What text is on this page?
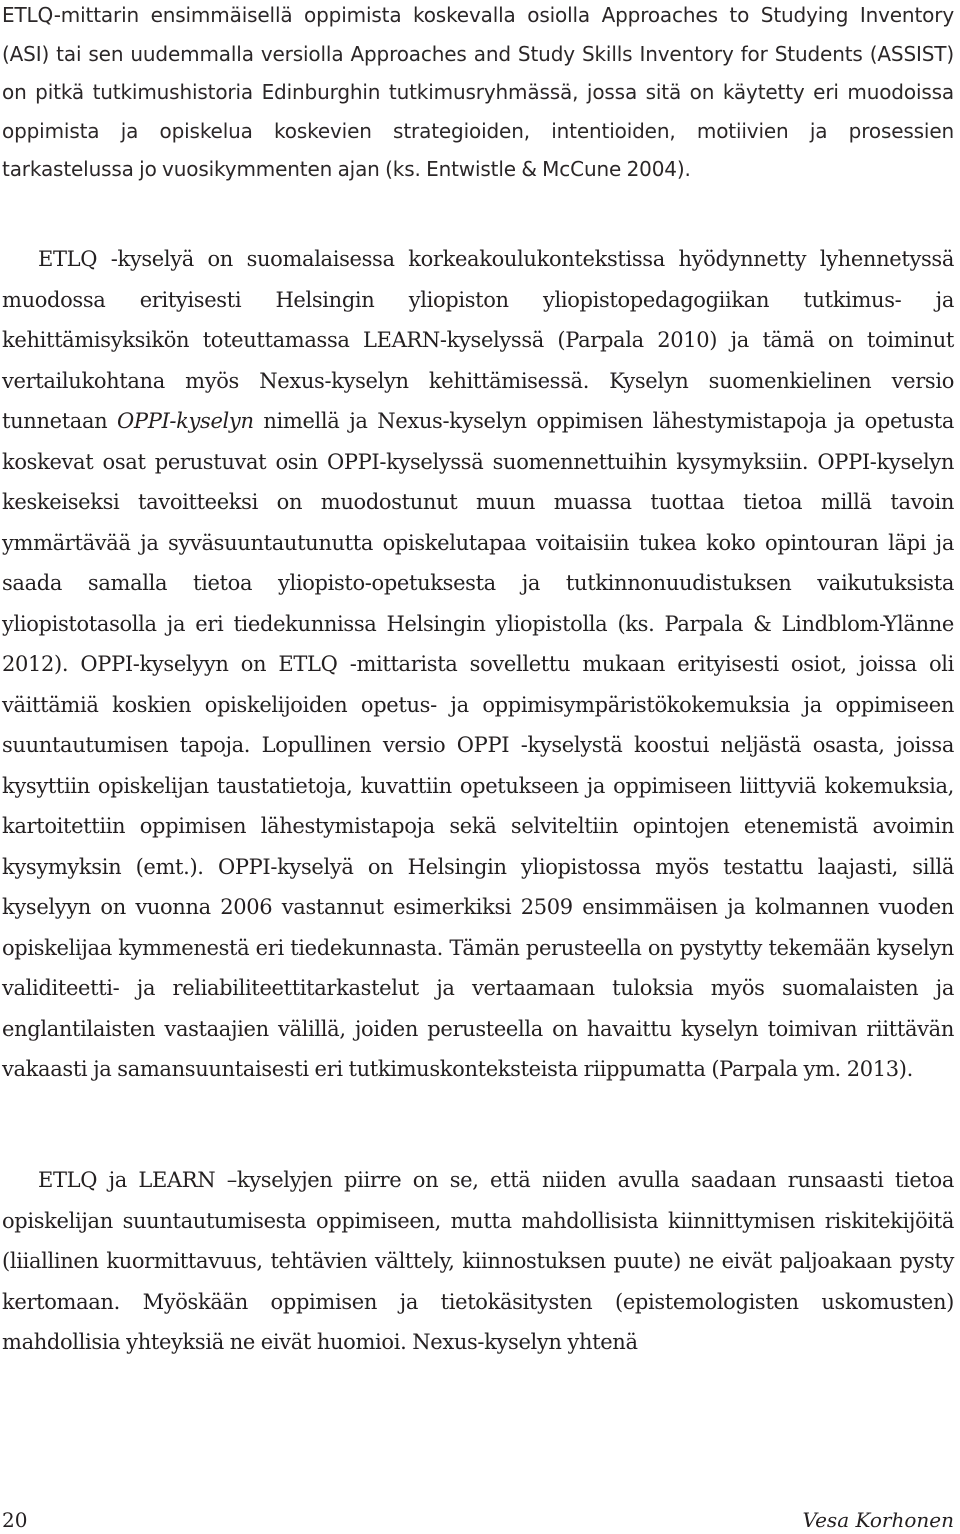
ETLQ-mittarin ensimmäisellä oppimista koskevalla osiolla Approaches to Studying Inventory (ASI) tai sen uudemmalla versiolla Approaches and Study Skills Inventory for Students (ASSIST) on pitkä tutkimushistoria Edinburghin tutkimusryhmässä, jossa sitä on käytetty eri muodoissa oppimista ja opiskelua koskevien strategioiden, intentioiden, motiivien ja prosessien tarkastelussa jo vuosikymmenten ajan (ks. Entwistle & McCune 2004).

ETLQ -kyselyä on suomalaisessa korkeakoulukontekstissa hyödynnetty lyhennetyssä muodossa erityisesti Helsingin yliopiston yliopistopedagogiikan tutkimus- ja kehittämisyksikön toteuttamassa LEARN-kyselyssä (Parpala 2010) ja tämä on toiminut vertailukohtana myös Nexus-kyselyn kehittämisessä. Kyselyn suomenkielinen versio tunnetaan OPPI-kyselyn nimellä ja Nexus-kyselyn oppimisen lähestymistapoja ja opetusta koskevat osat perustuvat osin OPPI-kyselyssä suomennettuihin kysymyksiin. OPPI-kyselyn keskeiseksi tavoitteeksi on muodostunut muun muassa tuottaa tietoa millä tavoin ymmärtävää ja syväsuuntautunutta opiskelutapaa voitaisiin tukea koko opintouran läpi ja saada samalla tietoa yliopisto-opetuksesta ja tutkinnonuudistuksen vaikutuksista yliopistotasolla ja eri tiedekunnissa Helsingin yliopistolla (ks. Parpala & Lindblom-Ylänne 2012). OPPI-kyselyyn on ETLQ -mittarista sovellettu mukaan erityisesti osiot, joissa oli väittämiä koskien opiskelijoiden opetus- ja oppimisympäristökokemuksia ja oppimiseen suuntautumisen tapoja. Lopullinen versio OPPI -kyselystä koostui neljästä osasta, joissa kysyttiin opiskelijan taustatietoja, kuvattiin opetukseen ja oppimiseen liittyviä kokemuksia, kartoitettiin oppimisen lähestymistapoja sekä selviteltiin opintojen etenemistä avoimin kysymyksin (emt.). OPPI-kyselyä on Helsingin yliopistossa myös testattu laajasti, sillä kyselyyn on vuonna 2006 vastannut esimerkiksi 2509 ensimmäisen ja kolmannen vuoden opiskelijaa kymmenestä eri tiedekunnasta. Tämän perusteella on pystytty tekemään kyselyn validiteetti- ja reliabiliteettitarkastelut ja vertaamaan tuloksia myös suomalaisten ja englantilaisten vastaajien välillä, joiden perusteella on havaittu kyselyn toimivan riittävän vakaasti ja samansuuntaisesti eri tutkimuskonteksteista riippumatta (Parpala ym. 2013).

ETLQ ja LEARN –kyselyjen piirre on se, että niiden avulla saadaan runsaasti tietoa opiskelijan suuntautumisesta oppimiseen, mutta mahdollisista kiinnittymisen riskitekijöitä (liiallinen kuormittavuus, tehtävien välttely, kiinnostuksen puute) ne eivät paljoakaan pysty kertomaan. Myöskään oppimisen ja tietokäsitysten (epistemologisten uskomusten) mahdollisia yhteyksiä ne eivät huomioi. Nexus-kyselyn yhtenä

20	Vesa Korhonen
